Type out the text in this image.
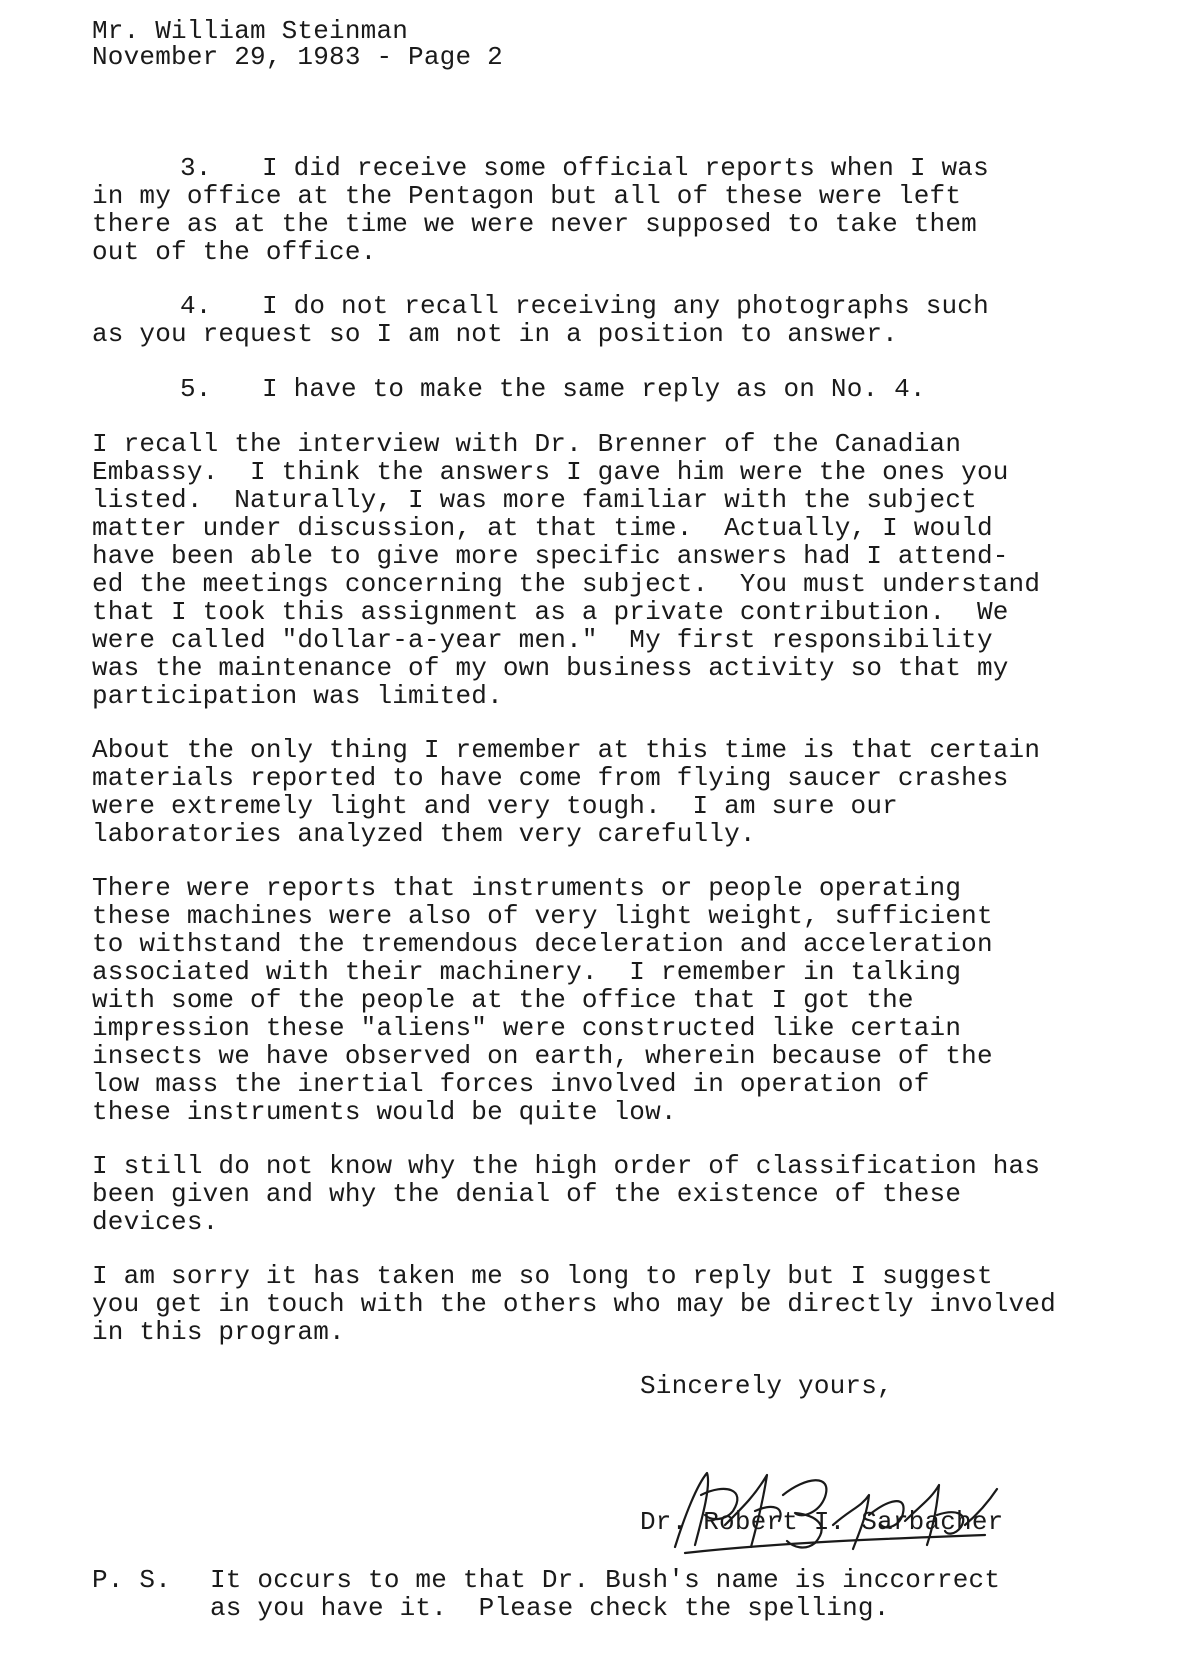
Mr. William Steinman
November 29, 1983 - Page 2
3. I did receive some official reports when I was
in my office at the Pentagon but all of these were left
there as at the time we were never supposed to take them
out of the office.
4. I do not recall receiving any photographs such
as you request so I am not in a position to answer.
5. I have to make the same reply as on No. 4.
I recall the interview with Dr. Brenner of the Canadian
Embassy.  I think the answers I gave him were the ones you
listed.  Naturally, I was more familiar with the subject
matter under discussion, at that time.  Actually, I would
have been able to give more specific answers had I attend-
ed the meetings concerning the subject.  You must understand
that I took this assignment as a private contribution.  We
were called "dollar-a-year men."  My first responsibility
was the maintenance of my own business activity so that my
participation was limited.
About the only thing I remember at this time is that certain
materials reported to have come from flying saucer crashes
were extremely light and very tough.  I am sure our
laboratories analyzed them very carefully.
There were reports that instruments or people operating
these machines were also of very light weight, sufficient
to withstand the tremendous deceleration and acceleration
associated with their machinery.  I remember in talking
with some of the people at the office that I got the
impression these "aliens" were constructed like certain
insects we have observed on earth, wherein because of the
low mass the inertial forces involved in operation of
these instruments would be quite low.
I still do not know why the high order of classification has
been given and why the denial of the existence of these
devices.
I am sorry it has taken me so long to reply but I suggest
you get in touch with the others who may be directly involved
in this program.
Sincerely yours,
Dr. Robert I. Sarbacher
P. S. It occurs to me that Dr. Bush's name is inccorrect
as you have it.  Please check the spelling.
